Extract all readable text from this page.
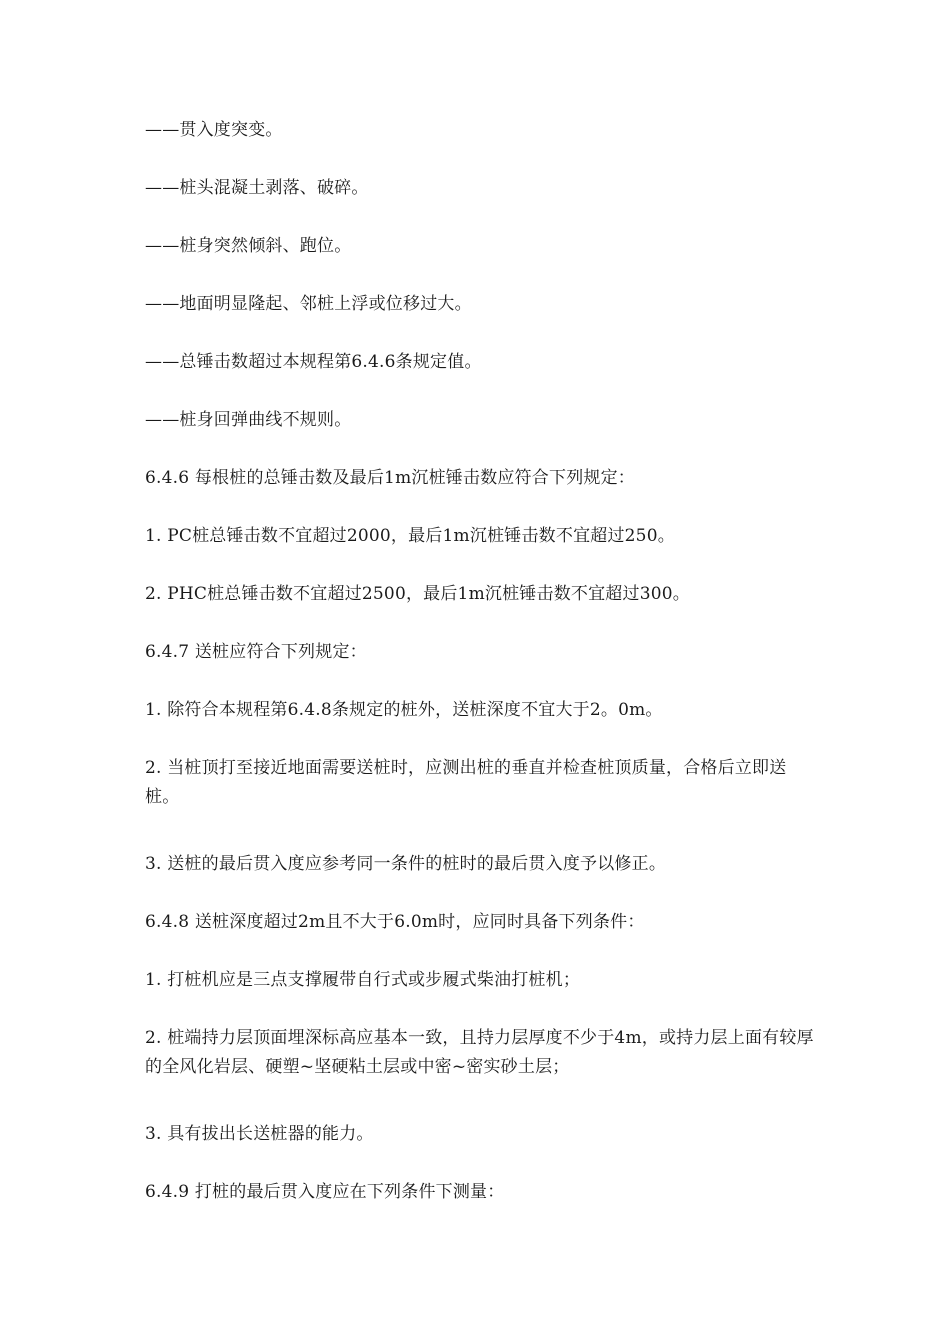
——贯入度突变。

——桩头混凝土剥落、破碎。

——桩身突然倾斜、跑位。

——地面明显隆起、邻桩上浮或位移过大。

——总锤击数超过本规程第6.4.6条规定值。

——桩身回弹曲线不规则。

6.4.6 每根桩的总锤击数及最后1m沉桩锤击数应符合下列规定：

1. PC桩总锤击数不宜超过2000，最后1m沉桩锤击数不宜超过250。

2. PHC桩总锤击数不宜超过2500，最后1m沉桩锤击数不宜超过300。

6.4.7 送桩应符合下列规定：

1. 除符合本规程第6.4.8条规定的桩外，送桩深度不宜大于2。0m。

2. 当桩顶打至接近地面需要送桩时，应测出桩的垂直并检查桩顶质量，合格后立即送桩。

3. 送桩的最后贯入度应参考同一条件的桩时的最后贯入度予以修正。

6.4.8 送桩深度超过2m且不大于6.0m时，应同时具备下列条件：

1. 打桩机应是三点支撑履带自行式或步履式柴油打桩机；

2. 桩端持力层顶面埋深标高应基本一致，且持力层厚度不少于4m，或持力层上面有较厚的全风化岩层、硬塑~坚硬粘土层或中密~密实砂土层；

3. 具有拔出长送桩器的能力。

6.4.9 打桩的最后贯入度应在下列条件下测量：
